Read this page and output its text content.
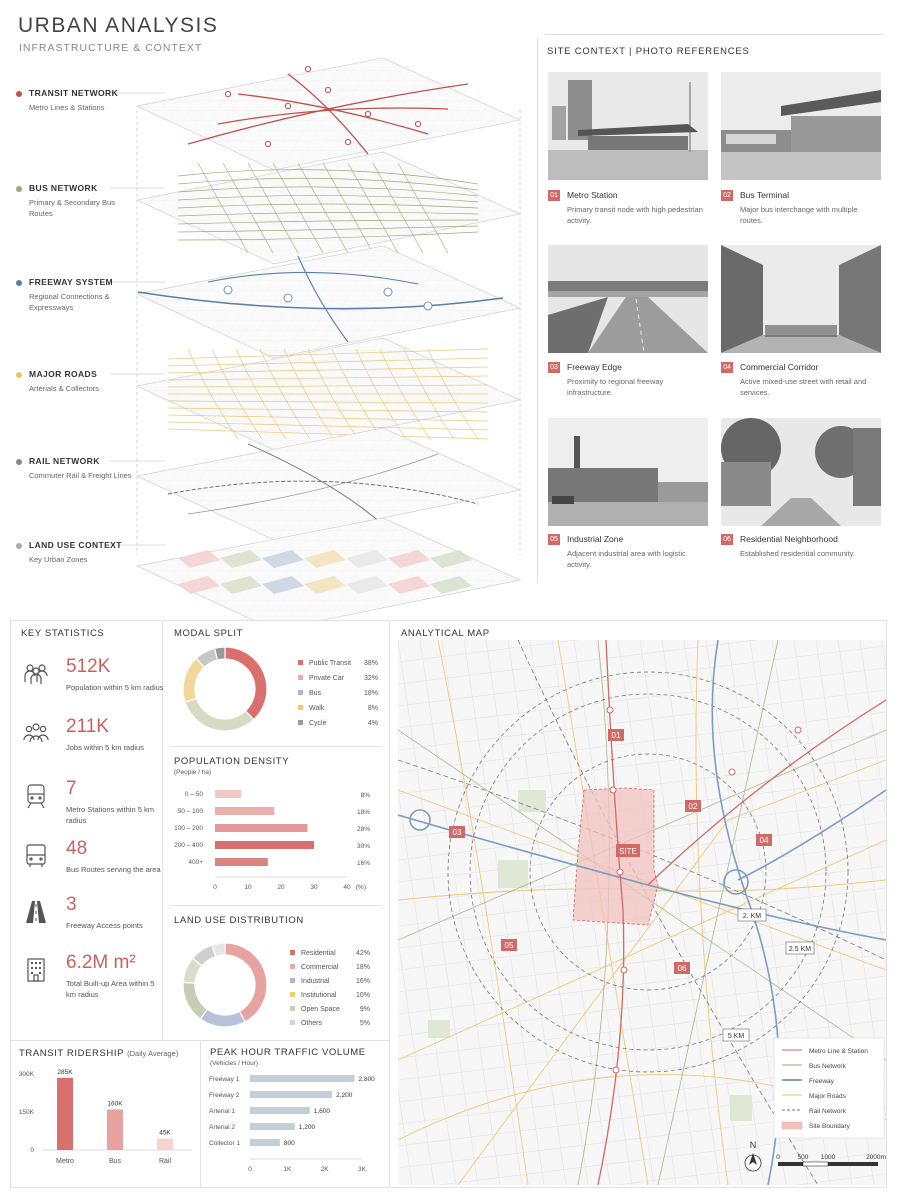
URBAN ANALYSIS
INFRASTRUCTURE & CONTEXT
TRANSIT NETWORK
Metro Lines & Stations
BUS NETWORK
Primary & Secondary Bus Routes
FREEWAY SYSTEM
Regional Connections & Expressways
MAJOR ROADS
Arterials & Collectors
RAIL NETWORK
Commuter Rail & Freight Lines
LAND USE CONTEXT
Key Urban Zones
SITE CONTEXT | PHOTO REFERENCES
01 Metro Station
Primary transit node with high pedestrian activity.
02 Bus Terminal
Major bus interchange with multiple routes.
03 Freeway Edge
Proximity to regional freeway infrastructure.
04 Commercial Corridor
Active mixed-use street with retail and services.
05 Industrial Zone
Adjacent industrial area with logistic activity.
06 Residential Neighborhood
Established residential community.
KEY STATISTICS
512K
Population within 5 km radius
211K
Jobs within 5 km radius
7
Metro Stations within 5 km radius
48
Bus Routes serving the area
3
Freeway Access points
6.2M m²
Total Built-up Area within 5 km radius
MODAL SPLIT
Public Transit 38%
Private Car	32%
Bus	18%
Walk	8%
Cycle	4%
POPULATION DENSITY
(People / ha)
0 – 50	8%
50 – 100	18%
100 – 200	28%
200 – 400	30%
400+	16%
0	10	20	30	40 (%)
LAND USE DISTRIBUTION
Residential	42%
Commercial	18%
Industrial	16%
Institutional	10%
Open Space	9%
Others	5%
TRANSIT RIDERSHIP (Daily Average)
0
150K
300K	285K
Metro
160K
Bus
45K
Rail
PEAK HOUR TRAFFIC VOLUME
(Vehicles / Hour)
Freeway 1	2,800
Freeway 2	2,200
Arterial 1	1,600
Arterial 2	1,200
Collector 1	800
0	1K	2K	3K
ANALYTICAL MAP
01
02
03
04
05
06
SITE
2. KM
2.5 KM
5 KM
Metro Line & Station
Bus Network
Freeway
Major Roads
Rail Network
Site Boundary
N
0	500 1000	2000m
